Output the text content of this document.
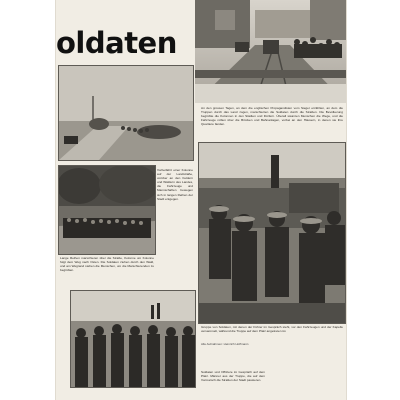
oldaten
An den grossen Tagen, an dem die englischen Propagandisten vom Sieger erzählten, an dem die Truppen durch das Land zogen, marschierten die Soldaten durch die Straßen. Die Bevölkerung begrüßte die Kolonnen in den Städten und Dörfern. Überall säumten Menschen die Wege, und die Fahrzeuge rollten über die Brücken und Bahnanlagen, vorbei an den Häusern, in denen sie ihre Quartiere fanden.
Vorbeifahrt einer Kolonne auf der Landstraße, vorüber an den Feldern und Wäldern des Landes, die Fahrzeuge und Mannschaften bewegen sich in langen Reihen der Stadt entgegen.
Lange Reihen marschieren über die Straße, Kolonne um Kolonne folgt dem Weg nach Osten. Die Soldaten ziehen durch den Wald, und am Wegrand stehen die Menschen, um die Marschierenden zu begrüßen.
Gruppe von Soldaten, mit denen der Führer im Gespräch steht, vor den Fahrzeugen und der Kapelle versammelt, während die Truppe auf dem Platz angetreten ist.
Alle Aufnahmen: Heinrich Hoffmann
Soldaten und Offiziere im Gespräch auf dem Platz. Männer aus der Truppe, die auf dem Vormarsch die Straßen der Stadt passieren.
